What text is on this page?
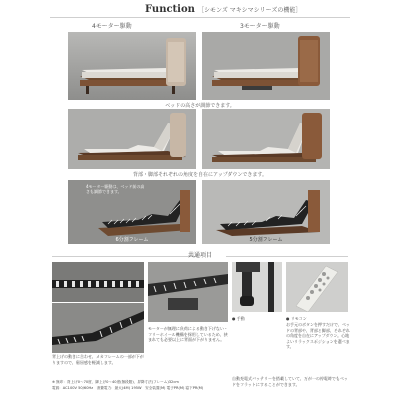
Function ［シモンズ マキシマシリーズの機能］
4モーター駆動	3モーター駆動
ベッドの高さが調節できます。
背部・脚部それぞれの角度を自在にアップダウンできます。
4モーター駆動は、ベッド前の高さも調節できます。
6分割フレーム	5分割フレーム
共通項目
背上げの動きに合わせ、メカフレームの一部が下がりますので、窮屈感を軽減します。
モーターが無理に負荷による動き下げない・フリーホイール機構を採用しているため、挟まれても必要以上に背面が下がりません。
● 手動	● リモコン
お手元のボタンを押すだけで、ベッドの背部や、背部と脚部、それぞれの角度を自在にアップダウン。心地よいリラックスポジションを選べます。
自動充電式バッテリーを搭載していて、万が一の停電時でもベッドをフラットにすることができます。
※ 無印：背上げ0〜70度、脚上げ0〜40度(無段階)、昇降寸法(フレーム)32cm
電源：AC100V 50/60Hz　消費電力：最大(4M) 195W　安全装置(M) 電子PR(M) 寝下PR(M)
